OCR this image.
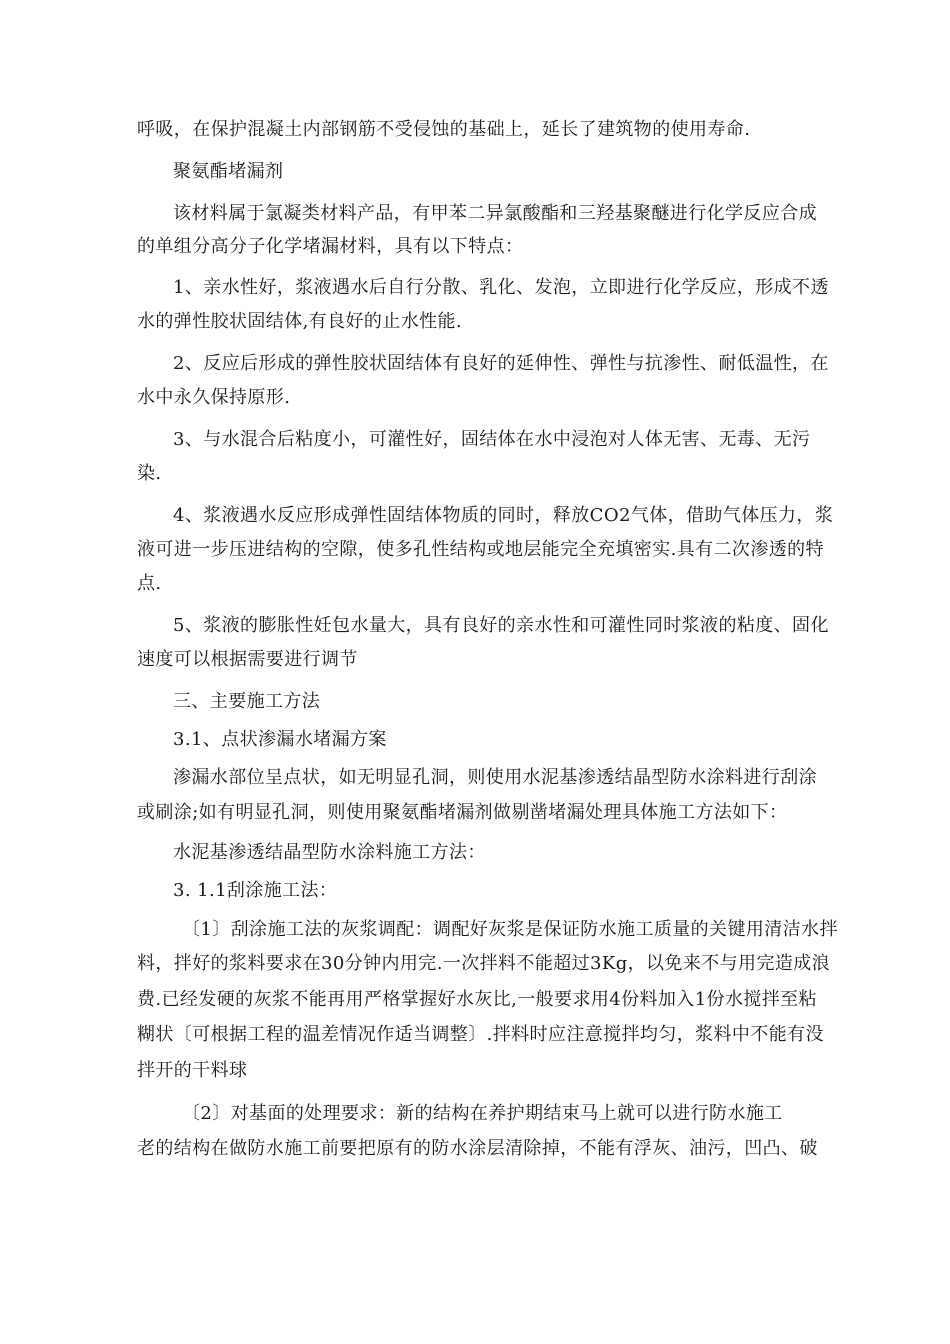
呼吸，在保护混凝土内部钢筋不受侵蚀的基础上，延长了建筑物的使用寿命.
聚氨酯堵漏剂
该材料属于氯凝类材料产品，有甲苯二异氯酸酯和三羟基聚醚进行化学反应合成
的单组分高分子化学堵漏材料，具有以下特点：
1、亲水性好，浆液遇水后自行分散、乳化、发泡，立即进行化学反应，形成不透
水的弹性胶状固结体,有良好的止水性能.
2、反应后形成的弹性胶状固结体有良好的延伸性、弹性与抗渗性、耐低温性，在
水中永久保持原形.
3、与水混合后粘度小，可灌性好，固结体在水中浸泡对人体无害、无毒、无污
染.
4、浆液遇水反应形成弹性固结体物质的同时，释放CO2气体，借助气体压力，浆
液可进一步压进结构的空隙，使多孔性结构或地层能完全充填密实.具有二次渗透的特
点.
5、浆液的膨胀性妊包水量大，具有良好的亲水性和可灌性同时浆液的粘度、固化
速度可以根据需要进行调节
三、主要施工方法
3.1、点状渗漏水堵漏方案
渗漏水部位呈点状，如无明显孔洞，则使用水泥基渗透结晶型防水涂料进行刮涂
或刷涂;如有明显孔洞，则使用聚氨酯堵漏剂做剔凿堵漏处理具体施工方法如下：
水泥基渗透结晶型防水涂料施工方法：
3. 1.1刮涂施工法：
〔1〕刮涂施工法的灰浆调配：调配好灰浆是保证防水施工质量的关键用清洁水拌
料，拌好的浆料要求在30分钟内用完.一次拌料不能超过3Kg，以免来不与用完造成浪
费.已经发硬的灰浆不能再用严格掌握好水灰比,一般要求用4份料加入1份水搅拌至粘
糊状〔可根据工程的温差情况作适当调整〕.拌料时应注意搅拌均匀，浆料中不能有没
拌开的干料球
〔2〕对基面的处理要求：新的结构在养护期结束马上就可以进行防水施工
老的结构在做防水施工前要把原有的防水涂层清除掉，不能有浮灰、油污，凹凸、破
